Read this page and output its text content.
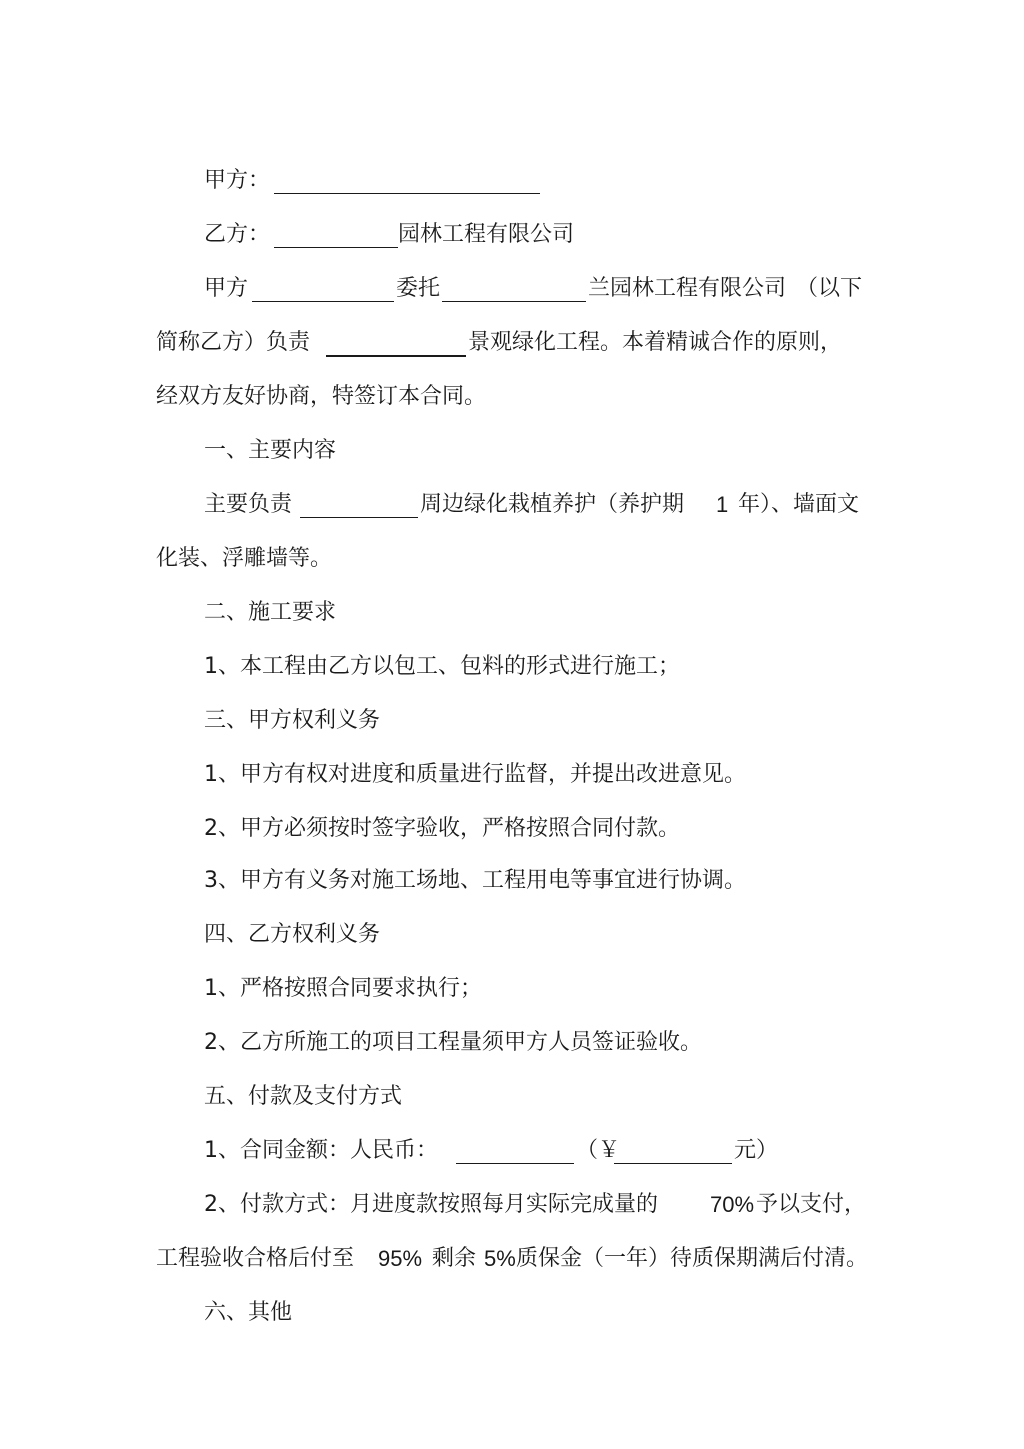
甲方：
乙方：	园林工程有限公司
甲方	委托	兰园林工程有限公司 （以下
简称乙方）负责	景观绿化工程。本着精诚合作的原则，
经双方友好协商，特签订本合同。
一、主要内容
主要负责	周边绿化栽植养护（养护期 1 年）、墙面文
化装、浮雕墙等。
二、施工要求
1、本工程由乙方以包工、包料的形式进行施工；
三、甲方权利义务
1、甲方有权对进度和质量进行监督，并提出改进意见。
2、甲方必须按时签字验收，严格按照合同付款。
3、甲方有义务对施工场地、工程用电等事宜进行协调。
四、乙方权利义务
1、严格按照合同要求执行；
2、乙方所施工的项目工程量须甲方人员签证验收。
五、付款及支付方式
1、合同金额：人民币：	（￥	元）
2、付款方式：月进度款按照每月实际完成量的 70% 予以支付，
工程验收合格后付至 95% 剩余 5% 质保金（一年）待质保期满后付清。
六、其他
